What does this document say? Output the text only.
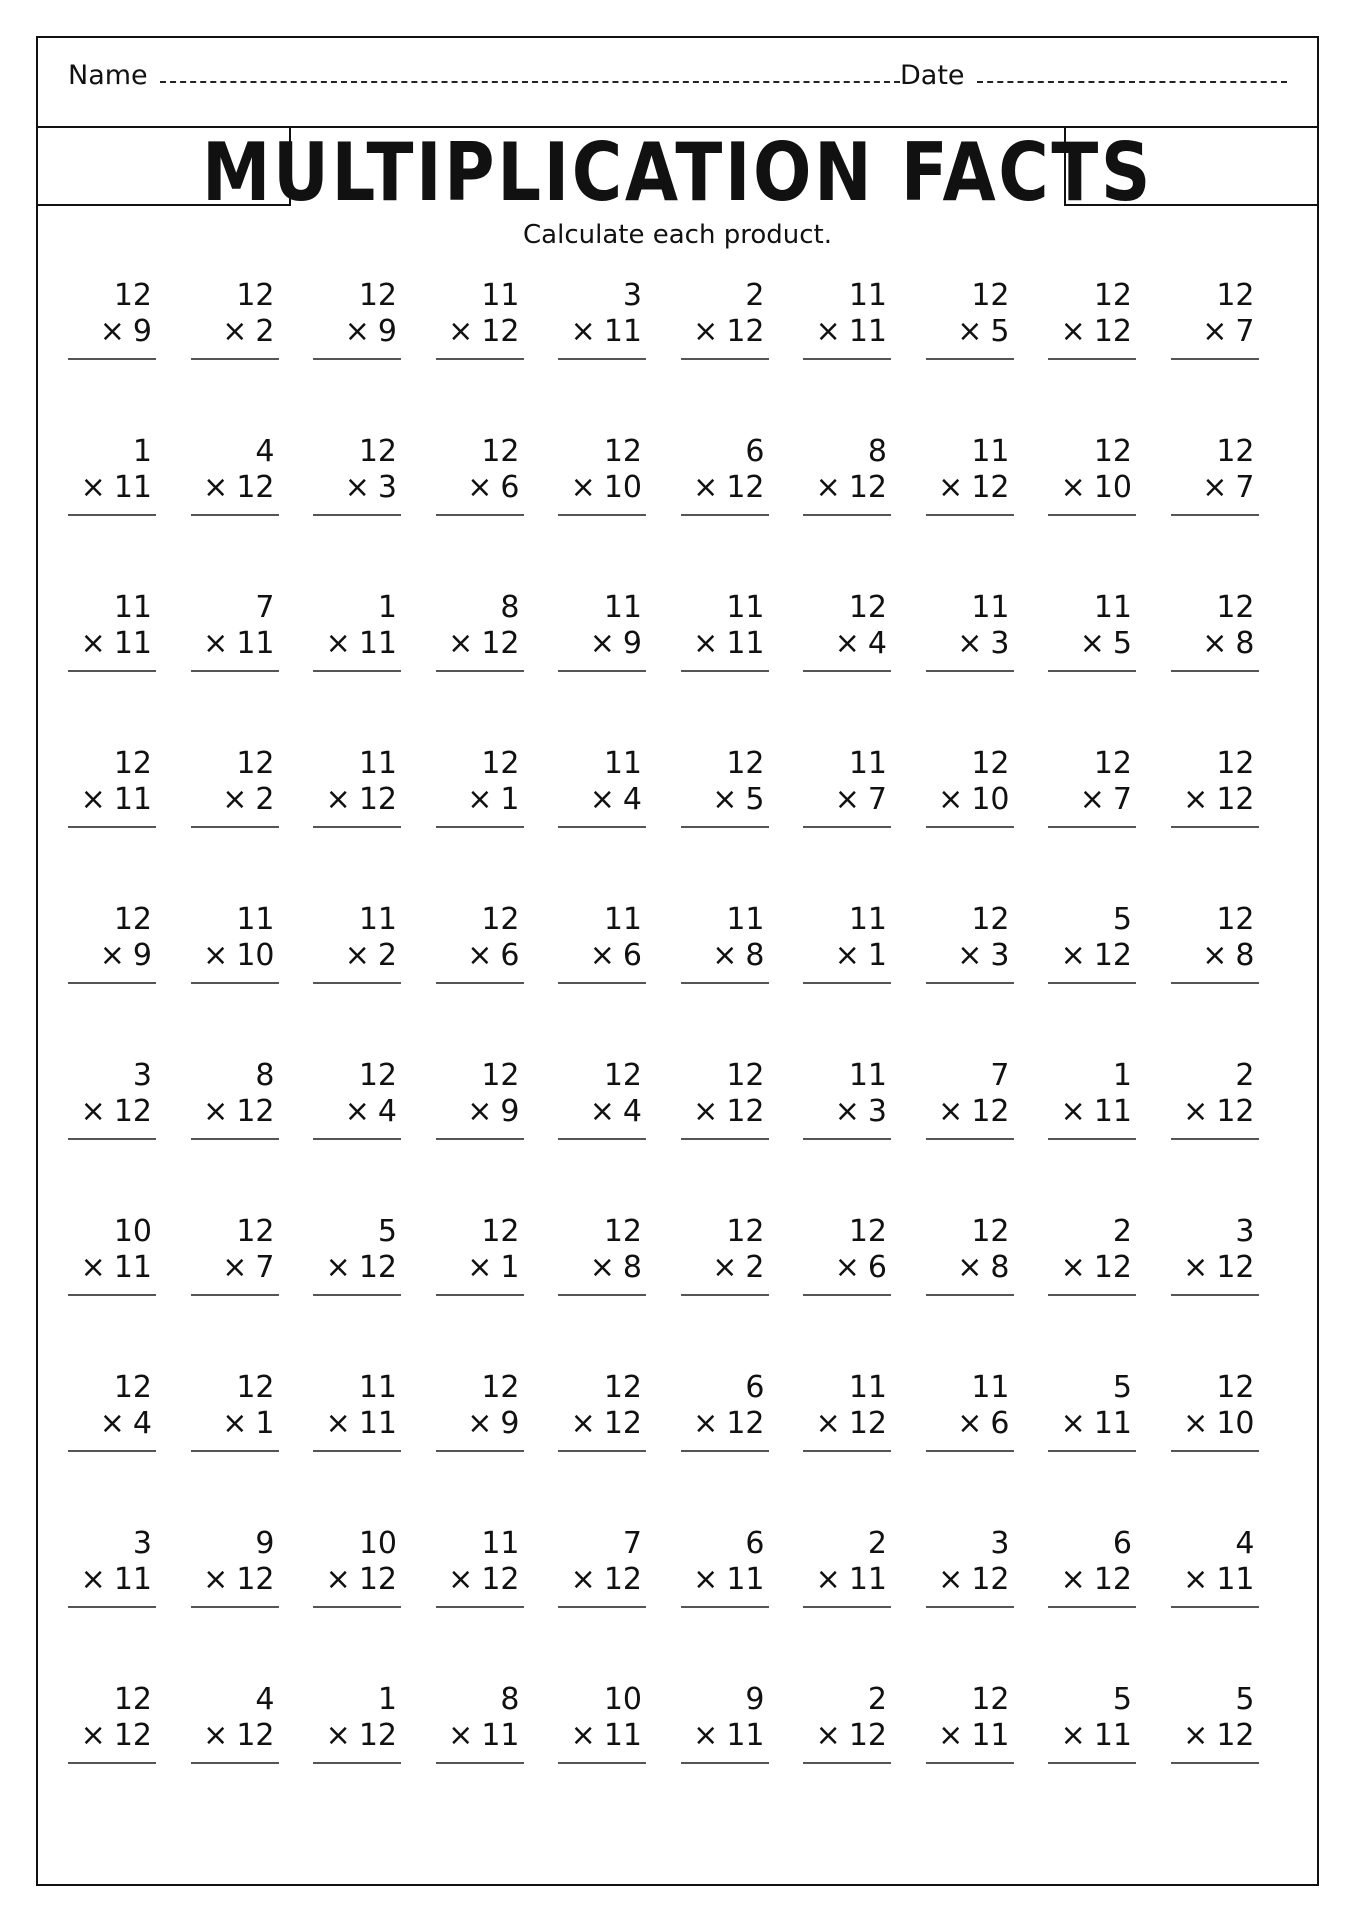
Name	Date
MULTIPLICATION FACTS
Calculate each product.
12
× 9
12
× 2
12
× 9
11
× 12
3
× 11
2
× 12
11
× 11
12
× 5
12
× 12
12
× 7
1
× 11
4
× 12
12
× 3
12
× 6
12
× 10
6
× 12
8
× 12
11
× 12
12
× 10
12
× 7
11
× 11
7
× 11
1
× 11
8
× 12
11
× 9
11
× 11
12
× 4
11
× 3
11
× 5
12
× 8
12
× 11
12
× 2
11
× 12
12
× 1
11
× 4
12
× 5
11
× 7
12
× 10
12
× 7
12
× 12
12
× 9
11
× 10
11
× 2
12
× 6
11
× 6
11
× 8
11
× 1
12
× 3
5
× 12
12
× 8
3
× 12
8
× 12
12
× 4
12
× 9
12
× 4
12
× 12
11
× 3
7
× 12
1
× 11
2
× 12
10
× 11
12
× 7
5
× 12
12
× 1
12
× 8
12
× 2
12
× 6
12
× 8
2
× 12
3
× 12
12
× 4
12
× 1
11
× 11
12
× 9
12
× 12
6
× 12
11
× 12
11
× 6
5
× 11
12
× 10
3
× 11
9
× 12
10
× 12
11
× 12
7
× 12
6
× 11
2
× 11
3
× 12
6
× 12
4
× 11
12
× 12
4
× 12
1
× 12
8
× 11
10
× 11
9
× 11
2
× 12
12
× 11
5
× 11
5
× 12
